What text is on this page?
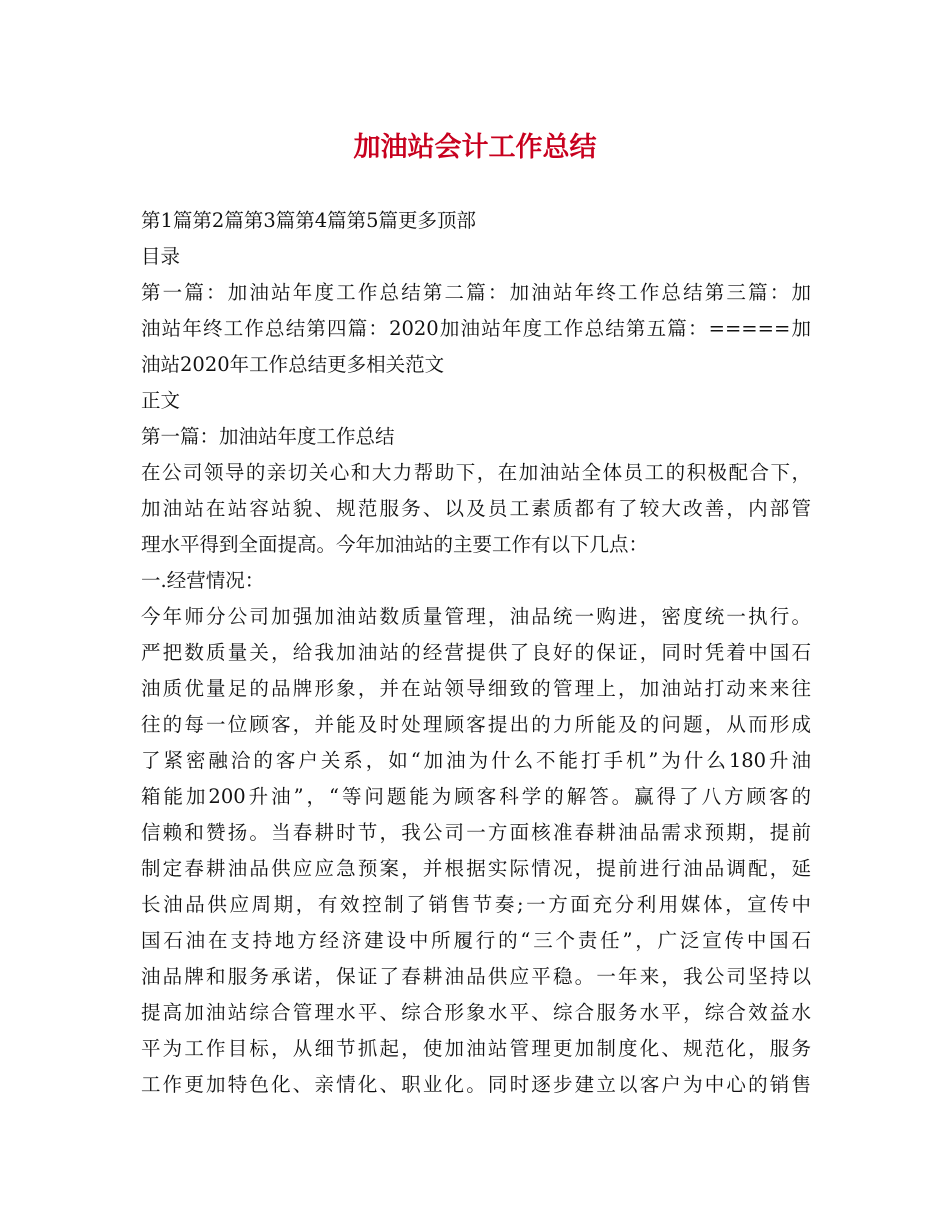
加油站会计工作总结

第1篇第2篇第3篇第4篇第5篇更多顶部

目录

第一篇：加油站年度工作总结第二篇：加油站年终工作总结第三篇：加

油站年终工作总结第四篇：2020加油站年度工作总结第五篇：=====加

油站2020年工作总结更多相关范文

正文

第一篇：加油站年度工作总结

在公司领导的亲切关心和大力帮助下，在加油站全体员工的积极配合下，

加油站在站容站貌、规范服务、以及员工素质都有了较大改善，内部管

理水平得到全面提高。今年加油站的主要工作有以下几点：

一.经营情况：

今年师分公司加强加油站数质量管理，油品统一购进，密度统一执行。

严把数质量关，给我加油站的经营提供了良好的保证，同时凭着中国石

油质优量足的品牌形象，并在站领导细致的管理上，加油站打动来来往

往的每一位顾客，并能及时处理顾客提出的力所能及的问题，从而形成

了紧密融洽的客户关系，如“加油为什么不能打手机”为什么180升油

箱能加200升油”，“等问题能为顾客科学的解答。赢得了八方顾客的

信赖和赞扬。当春耕时节，我公司一方面核准春耕油品需求预期，提前

制定春耕油品供应应急预案，并根据实际情况，提前进行油品调配，延

长油品供应周期，有效控制了销售节奏;一方面充分利用媒体，宣传中

国石油在支持地方经济建设中所履行的“三个责任”，广泛宣传中国石

油品牌和服务承诺，保证了春耕油品供应平稳。一年来，我公司坚持以

提高加油站综合管理水平、综合形象水平、综合服务水平，综合效益水

平为工作目标，从细节抓起，使加油站管理更加制度化、规范化，服务

工作更加特色化、亲情化、职业化。同时逐步建立以客户为中心的销售
